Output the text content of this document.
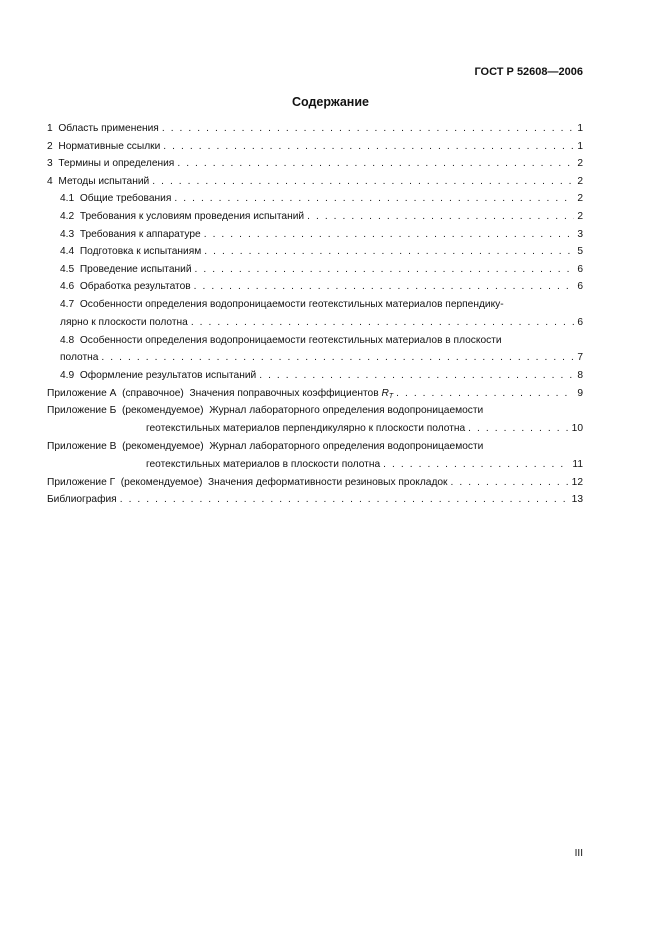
ГОСТ Р 52608—2006
Содержание
1 Область применения . . .	1
2 Нормативные ссылки . . .	1
3 Термины и определения . . .	2
4 Методы испытаний . . .	2
4.1 Общие требования . . .	2
4.2 Требования к условиям проведения испытаний . . .	2
4.3 Требования к аппаратуре . . .	3
4.4 Подготовка к испытаниям . . .	5
4.5 Проведение испытаний . . .	6
4.6 Обработка результатов . . .	6
4.7 Особенности определения водопроницаемости геотекстильных материалов перпендику-
лярно к плоскости полотна . . .	6
4.8 Особенности определения водопроницаемости геотекстильных материалов в плоскости
полотна . . .	7
4.9 Оформление результатов испытаний . . .	8
Приложение А (справочное) Значения поправочных коэффициентов $R_T$ . . .	9
Приложение Б (рекомендуемое) Журнал лабораторного определения водопроницаемости
геотекстильных материалов перпендикулярно к плоскости полотна . . .	10
Приложение В (рекомендуемое) Журнал лабораторного определения водопроницаемости
геотекстильных материалов в плоскости полотна . . .	11
Приложение Г (рекомендуемое) Значения деформативности резиновых прокладок . . .	12
Библиография . . .	13
III
